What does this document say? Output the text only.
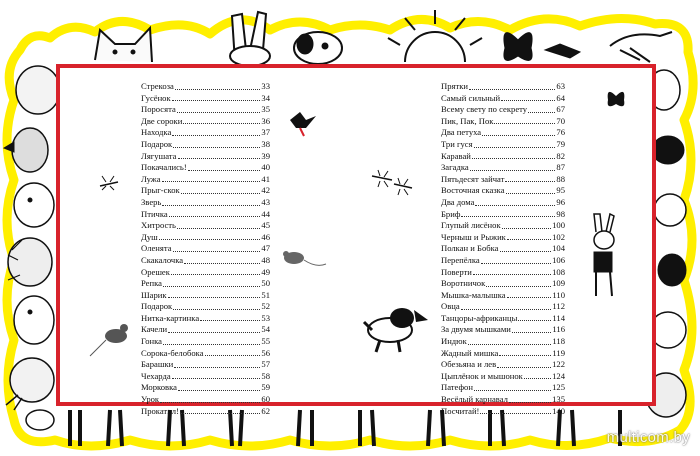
Стрекоза	33
Гусёнок	34
Поросята	35
Две сороки	36
Находка	37
Подарок	38
Лягушата	39
Покачались!	40
Лужа	41
Прыг-скок	42
Зверь	43
Птичка	44
Хитрость	45
Душ	46
Оленята	47
Скакалочка	48
Орешек	49
Репка	50
Шарик	51
Подарок	52
Нитка-картинка	53
Качели	54
Гонка	55
Сорока-белобока	56
Барашки	57
Чехарда	58
Морковка	59
Урок	60
Прокатил!	62
Прятки	63
Самый сильный	64
Всему свету по секрету	67
Пик, Пак, Пок	70
Два петуха	76
Три гуся	79
Каравай	82
Загадка	87
Пятьдесят зайчат	88
Восточная сказка	95
Два дома	96
Бриф	98
Глупый лисёнок	100
Черныш и Рыжик	102
Полкан и Бобка	104
Перепёлка	106
Поверти	108
Воротничок	109
Мышка-малышка	110
Овца	112
Танцоры-африканцы	114
За двумя мышками	116
Индюк	118
Жадный мишка	119
Обезьяна и лев	122
Цыплёнок и мышонок	124
Патефон	125
Весёлый карнавал	135
Посчитай!	140
multicom.by
